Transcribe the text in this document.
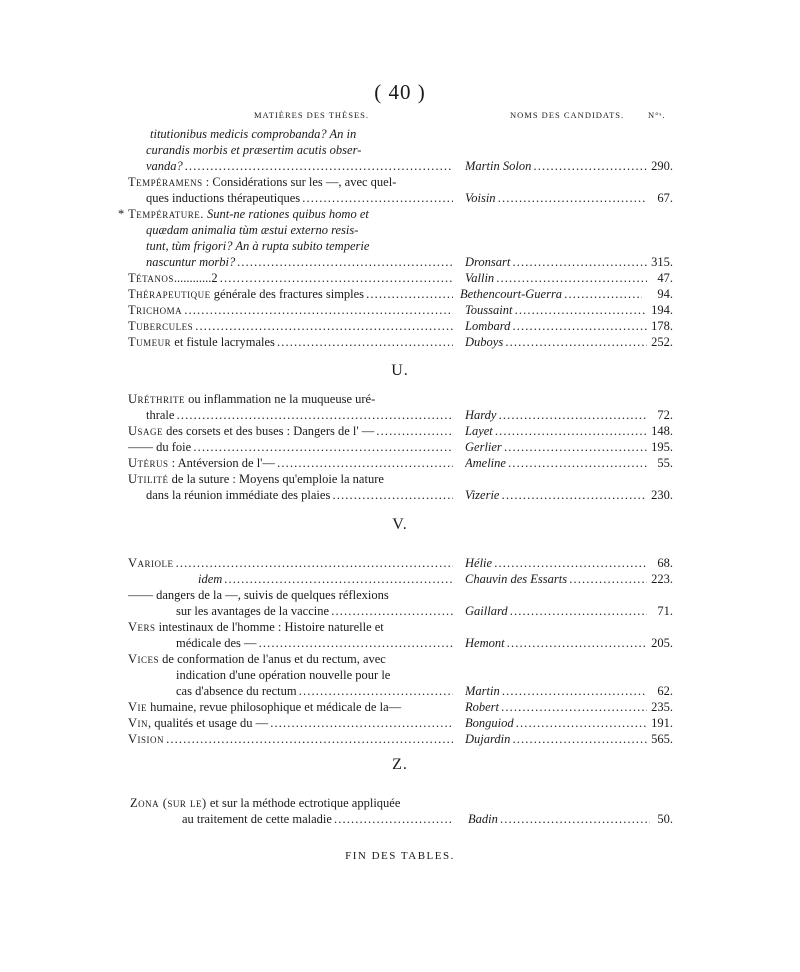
( 40 )
MATIÈRES DES THÈSES.	NOMS DES CANDIDATS.	N°ˢ.
titutionibus medicis comprobanda? An in
curandis morbis et præsertim acutis obser-
vanda? . . .	Martin Solon . . .	290.
Tempéramens : Considérations sur les —, avec quel-
ques inductions thérapeutiques . . .	Voisin . . .	67.
* Température. Sunt-ne rationes quibus homo et
quædam animalia tùm æstui externo resis-
tunt, tùm frigori? An à rupta subito temperie
nascuntur morbi? . . .	Dronsart . . .	315.
Tétanos............2 . . .	Vallin . . .	47.
Thérapeutique générale des fractures simples . . .	Bethencourt-Guerra . . .	94.
Trichoma . . .	Toussaint . . .	194.
Tubercules . . .	Lombard . . .	178.
Tumeur et fistule lacrymales . . .	Duboys . . .	252.
U.
Uréthrite ou inflammation ne la muqueuse uré-
thrale . . .	Hardy . . .	72.
Usage des corsets et des buses : Dangers de l' — . . .	Layet . . .	148.
—— du foie . . .	Gerlier . . .	195.
Utérus : Antéversion de l'— . . .	Ameline . . .	55.
Utilité de la suture : Moyens qu'emploie la nature
dans la réunion immédiate des plaies . . .	Vizerie . . .	230.
V.
Variole . . .	Hélie . . .	68.
idem . . .	Chauvin des Essarts . . .	223.
—— dangers de la —, suivis de quelques réflexions
sur les avantages de la vaccine . . .	Gaillard . . .	71.
Vers intestinaux de l'homme : Histoire naturelle et
médicale des — . . .	Hemont . . .	205.
Vices de conformation de l'anus et du rectum, avec
indication d'une opération nouvelle pour le
cas d'absence du rectum . . .	Martin . . .	62.
Vie humaine, revue philosophique et médicale de la—	Robert . . .	235.
Vin, qualités et usage du — . . .	Bonguiod . . .	191.
Vision . . .	Dujardin . . .	565.
Z.
Zona (sur le) et sur la méthode ectrotique appliquée
au traitement de cette maladie . . .	Badin . . .	50.
FIN DES TABLES.
